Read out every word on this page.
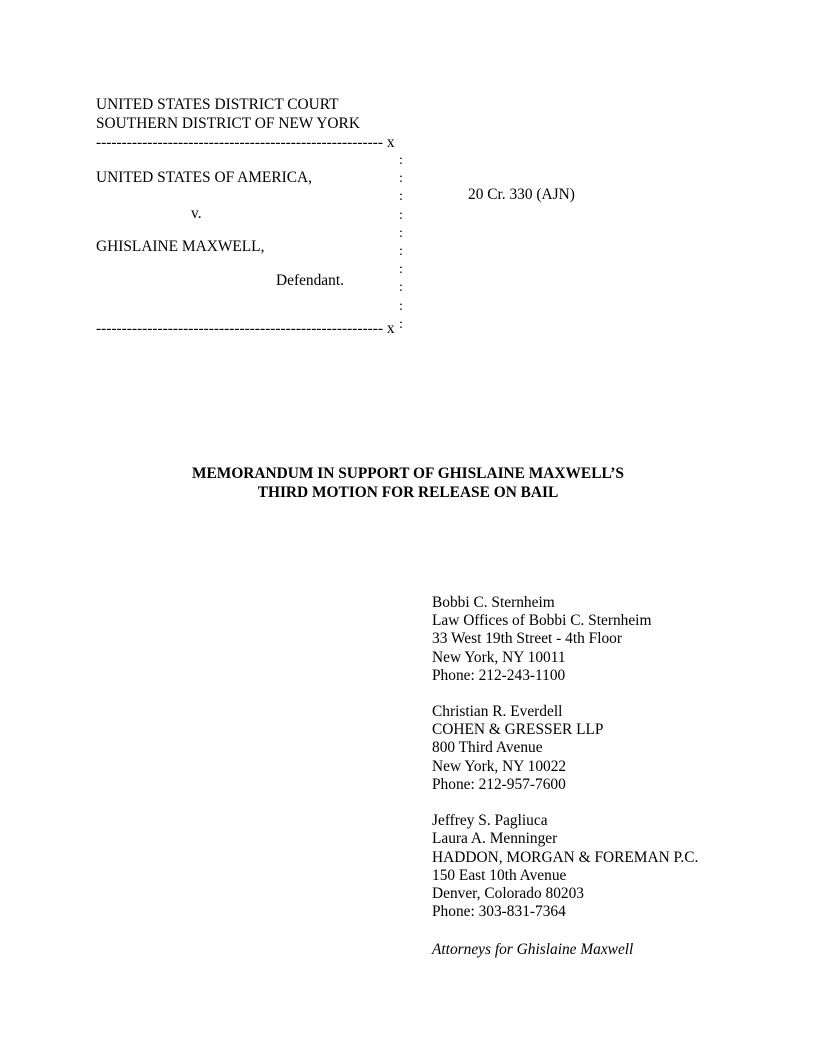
UNITED STATES DISTRICT COURT
SOUTHERN DISTRICT OF NEW YORK
-------------------------------------------------------- x
:
:
:
:
:
:
:
:
:
:
UNITED STATES OF AMERICA,
20 Cr. 330 (AJN)
v.
GHISLAINE MAXWELL,
Defendant.
-------------------------------------------------------- x
MEMORANDUM IN SUPPORT OF GHISLAINE MAXWELL’S
THIRD MOTION FOR RELEASE ON BAIL
Bobbi C. Sternheim
Law Offices of Bobbi C. Sternheim
33 West 19th Street - 4th Floor
New York, NY 10011
Phone: 212-243-1100
Christian R. Everdell
COHEN & GRESSER LLP
800 Third Avenue
New York, NY 10022
Phone: 212-957-7600
Jeffrey S. Pagliuca
Laura A. Menninger
HADDON, MORGAN & FOREMAN P.C.
150 East 10th Avenue
Denver, Colorado 80203
Phone: 303-831-7364
Attorneys for Ghislaine Maxwell
